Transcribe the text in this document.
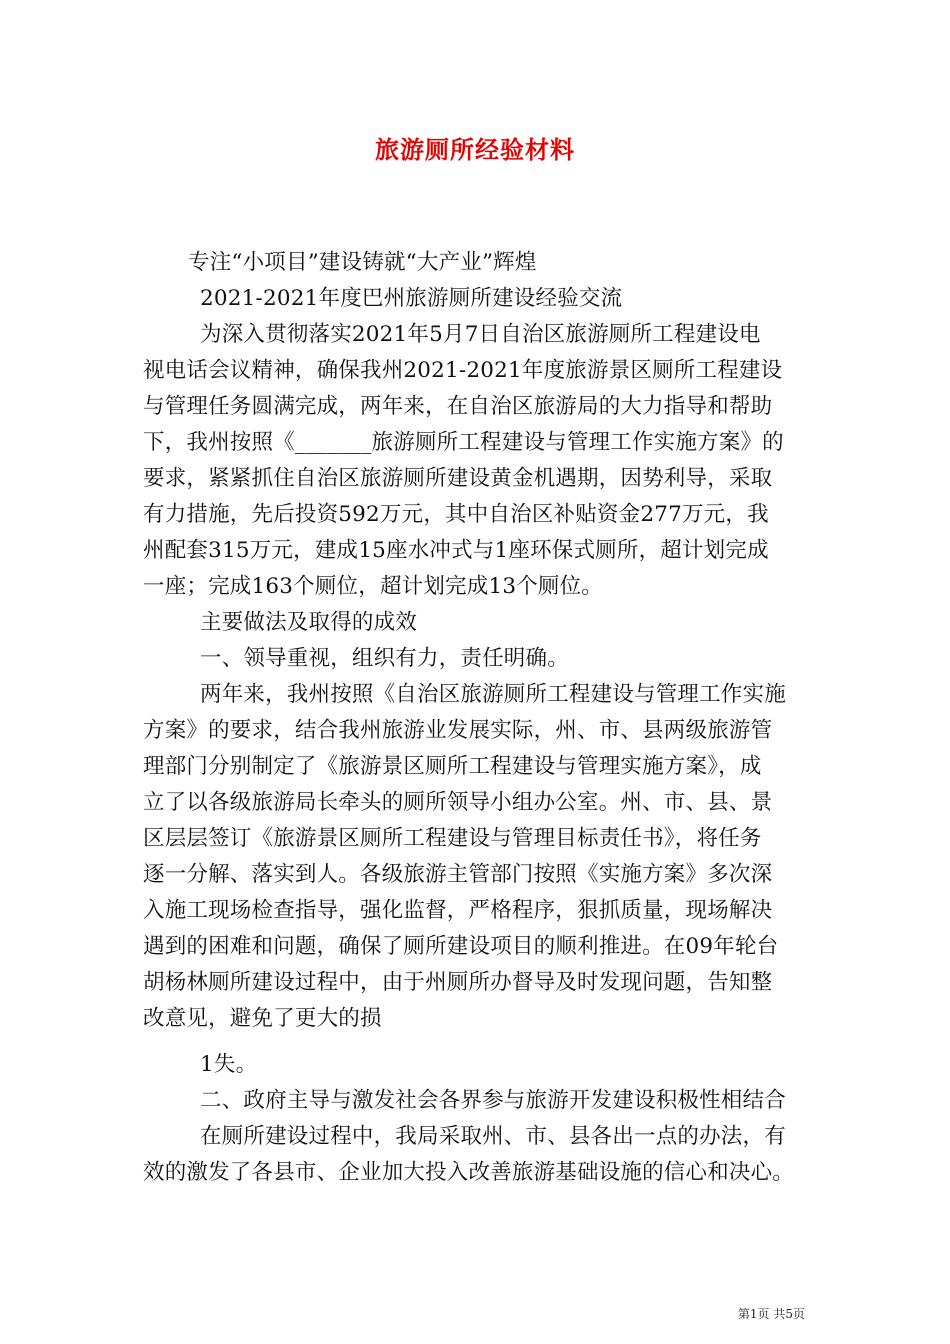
旅游厕所经验材料
专注“小项目”建设铸就“大产业”辉煌
2021-2021年度巴州旅游厕所建设经验交流
为深入贯彻落实2021年5月7日自治区旅游厕所工程建设电
视电话会议精神，确保我州2021-2021年度旅游景区厕所工程建设
与管理任务圆满完成，两年来，在自治区旅游局的大力指导和帮助
下，我州按照《_______旅游厕所工程建设与管理工作实施方案》的
要求，紧紧抓住自治区旅游厕所建设黄金机遇期，因势利导，采取
有力措施，先后投资592万元，其中自治区补贴资金277万元，我
州配套315万元，建成15座水冲式与1座环保式厕所，超计划完成
一座；完成163个厕位，超计划完成13个厕位。
主要做法及取得的成效
一、领导重视，组织有力，责任明确。
两年来，我州按照《自治区旅游厕所工程建设与管理工作实施
方案》的要求，结合我州旅游业发展实际，州、市、县两级旅游管
理部门分别制定了《旅游景区厕所工程建设与管理实施方案》，成
立了以各级旅游局长牵头的厕所领导小组办公室。州、市、县、景
区层层签订《旅游景区厕所工程建设与管理目标责任书》，将任务
逐一分解、落实到人。各级旅游主管部门按照《实施方案》多次深
入施工现场检查指导，强化监督，严格程序，狠抓质量，现场解决
遇到的困难和问题，确保了厕所建设项目的顺利推进。在09年轮台
胡杨林厕所建设过程中，由于州厕所办督导及时发现问题，告知整
改意见，避免了更大的损
1失。
二、政府主导与激发社会各界参与旅游开发建设积极性相结合
在厕所建设过程中，我局采取州、市、县各出一点的办法，有
效的激发了各县市、企业加大投入改善旅游基础设施的信心和决心。
第1页 共5页
